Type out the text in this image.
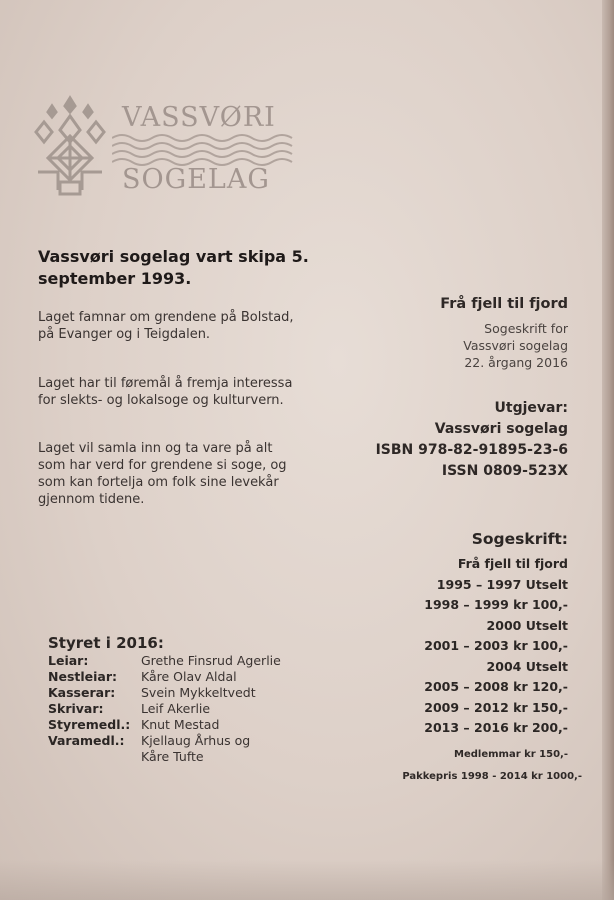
VASSVØRI
SOGELAG
Vassvøri sogelag vart skipa 5. september 1993.
Laget famnar om grendene på Bolstad, på Evanger og i Teigdalen.
Laget har til føremål å fremja interessa for slekts- og lokalsoge og kulturvern.
Laget vil samla inn og ta vare på alt som har verd for grendene si soge, og som kan fortelja om folk sine levekår gjennom tidene.
Frå fjell til fjord
Sogeskrift for
Vassvøri sogelag
22. årgang 2016
Utgjevar:
Vassvøri sogelag
ISBN 978-82-91895-23-6
ISSN 0809-523X
Sogeskrift:
Frå fjell til fjord
1995 – 1997 Utselt
1998 – 1999 kr 100,-
2000 Utselt
2001 – 2003 kr 100,-
2004 Utselt
2005 – 2008 kr 120,-
2009 – 2012 kr 150,-
2013 – 2016 kr 200,-
Medlemmar kr 150,-
Pakkepris 1998 - 2014 kr 1000,-
Styret i 2016:
Leiar:	Grethe Finsrud Agerlie
Nestleiar:	Kåre Olav Aldal
Kasserar:	Svein Mykkeltvedt
Skrivar:	Leif Akerlie
Styremedl.: Knut Mestad
Varamedl.:	Kjellaug Århus og
Kåre Tufte
